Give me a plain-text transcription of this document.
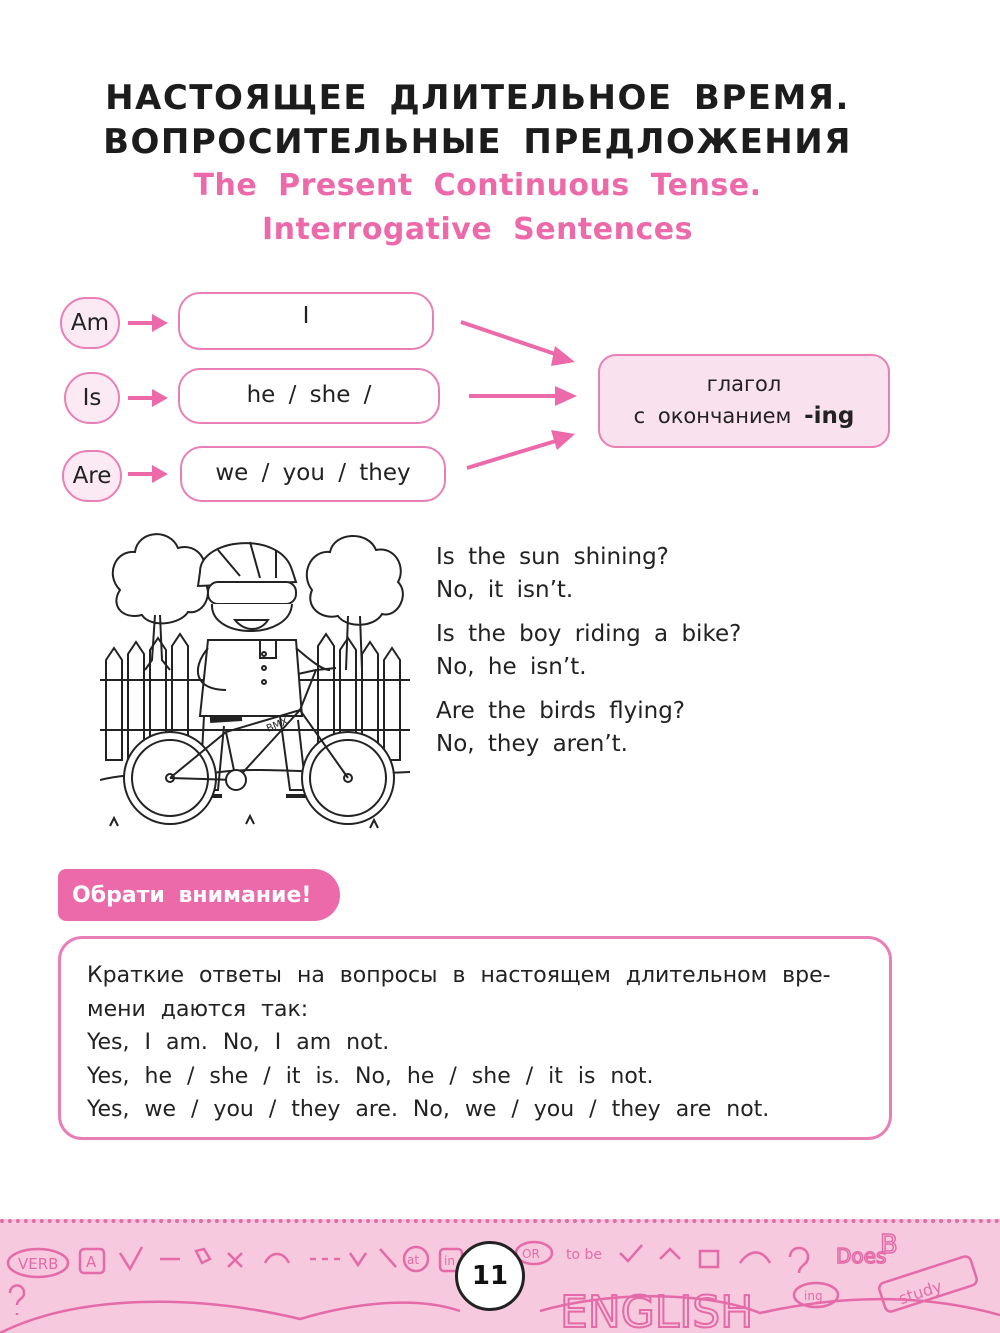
НАСТОЯЩЕЕ ДЛИТЕЛЬНОЕ ВРЕМЯ.
ВОПРОСИТЕЛЬНЫЕ ПРЕДЛОЖЕНИЯ
The Present Continuous Tense.
Interrogative Sentences
Am	I
Is	he / she /
Are	we / you / they
глагол
с окончанием -ing
BMX
Is the sun shining?
No, it isn’t.
Is the boy riding a bike?
No, he isn’t.
Are the birds flying?
No, they aren’t.
Обрати внимание!
Краткие ответы на вопросы в настоящем длительном вре-
мени даются так:
Yes, I am. No, I am not.
Yes, he / she / it is. No, he / she / it is not.
Yes, we / you / they are. No, we / you / they are not.
VERB A	at in	OR to be
ENGLISH	ing
Does
B
study
11
